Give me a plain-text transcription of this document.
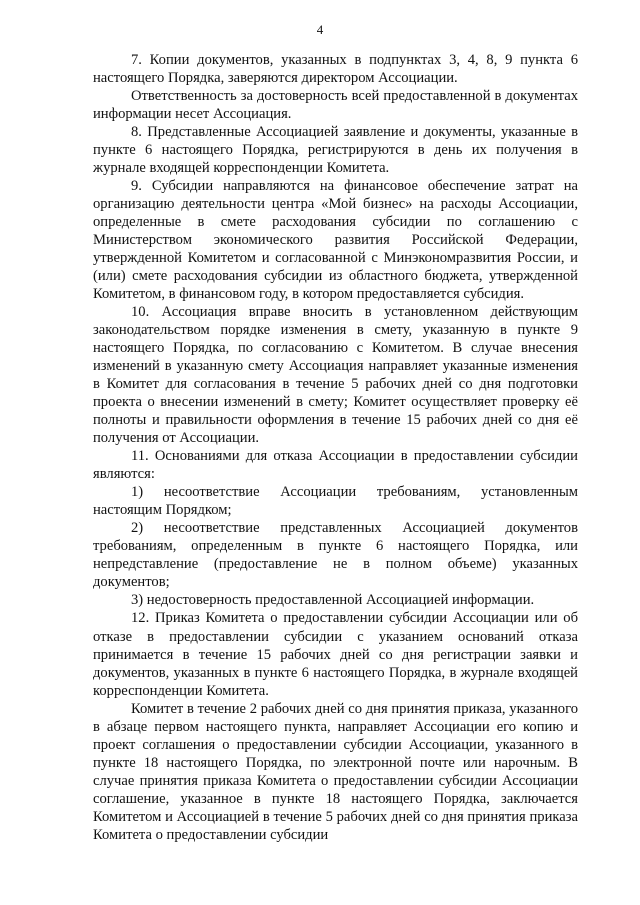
4

7. Копии документов, указанных в подпунктах 3, 4, 8, 9 пункта 6 настоящего Порядка, заверяются директором Ассоциации.

Ответственность за достоверность всей предоставленной в документах информации несет Ассоциация.

8. Представленные Ассоциацией заявление и документы, указанные в пункте 6 настоящего Порядка, регистрируются в день их получения в журнале входящей корреспонденции Комитета.

9. Субсидии направляются на финансовое обеспечение затрат на организацию деятельности центра «Мой бизнес» на расходы Ассоциации, определенные в смете расходования субсидии по соглашению с Министерством экономического развития Российской Федерации, утвержденной Комитетом и согласованной с Минэкономразвития России, и (или) смете расходования субсидии из областного бюджета, утвержденной Комитетом, в финансовом году, в котором предоставляется субсидия.

10. Ассоциация вправе вносить в установленном действующим законодательством порядке изменения в смету, указанную в пункте 9 настоящего Порядка, по согласованию с Комитетом. В случае внесения изменений в указанную смету Ассоциация направляет указанные изменения в Комитет для согласования в течение 5 рабочих дней со дня подготовки проекта о внесении изменений в смету; Комитет осуществляет проверку её полноты и правильности оформления в течение 15 рабочих дней со дня её получения от Ассоциации.

11. Основаниями для отказа Ассоциации в предоставлении субсидии являются:

1) несоответствие Ассоциации требованиям, установленным настоящим Порядком;

2) несоответствие представленных Ассоциацией документов требованиям, определенным в пункте 6 настоящего Порядка, или непредставление (предоставление не в полном объеме) указанных документов;

3) недостоверность предоставленной Ассоциацией информации.

12. Приказ Комитета о предоставлении субсидии Ассоциации или об отказе в предоставлении субсидии с указанием оснований отказа принимается в течение 15 рабочих дней со дня регистрации заявки и документов, указанных в пункте 6 настоящего Порядка, в журнале входящей корреспонденции Комитета.

Комитет в течение 2 рабочих дней со дня принятия приказа, указанного в абзаце первом настоящего пункта, направляет Ассоциации его копию и проект соглашения о предоставлении субсидии Ассоциации, указанного в пункте 18 настоящего Порядка, по электронной почте или нарочным. В случае принятия приказа Комитета о предоставлении субсидии Ассоциации соглашение, указанное в пункте 18 настоящего Порядка, заключается Комитетом и Ассоциацией в течение 5 рабочих дней со дня принятия приказа Комитета о предоставлении субсидии
